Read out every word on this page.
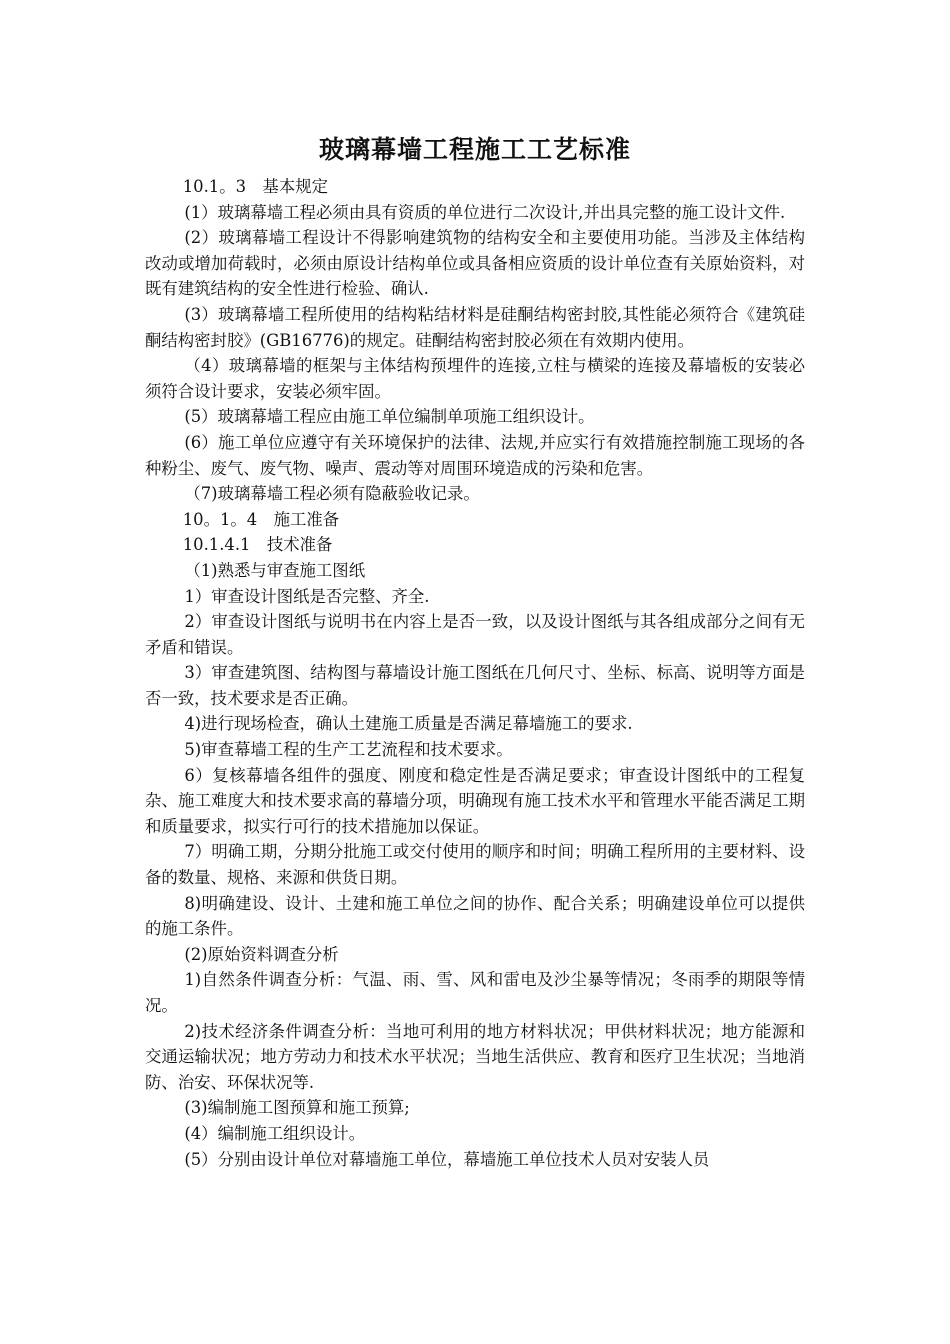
玻璃幕墙工程施工工艺标准

10.1。3　基本规定

(1）玻璃幕墙工程必须由具有资质的单位进行二次设计,并出具完整的施工设计文件.

(2）玻璃幕墙工程设计不得影响建筑物的结构安全和主要使用功能。当涉及主体结构改动或增加荷载时，必须由原设计结构单位或具备相应资质的设计单位查有关原始资料，对既有建筑结构的安全性进行检验、确认.

(3）玻璃幕墙工程所使用的结构粘结材料是硅酮结构密封胶,其性能必须符合《建筑硅酮结构密封胶》(GB16776)的规定。硅酮结构密封胶必须在有效期内使用。

（4）玻璃幕墙的框架与主体结构预埋件的连接,立柱与横梁的连接及幕墙板的安装必须符合设计要求，安装必须牢固。

(5）玻璃幕墙工程应由施工单位编制单项施工组织设计。

(6）施工单位应遵守有关环境保护的法律、法规,并应实行有效措施控制施工现场的各种粉尘、废气、废气物、噪声、震动等对周围环境造成的污染和危害。

（7)玻璃幕墙工程必须有隐蔽验收记录。

10。1。4　施工准备

10.1.4.1　技术准备

（1)熟悉与审查施工图纸

1）审查设计图纸是否完整、齐全.

2）审查设计图纸与说明书在内容上是否一致，以及设计图纸与其各组成部分之间有无矛盾和错误。

3）审查建筑图、结构图与幕墙设计施工图纸在几何尺寸、坐标、标高、说明等方面是否一致，技术要求是否正确。

4)进行现场检查，确认土建施工质量是否满足幕墙施工的要求.

5)审查幕墙工程的生产工艺流程和技术要求。

6）复核幕墙各组件的强度、刚度和稳定性是否满足要求；审查设计图纸中的工程复杂、施工难度大和技术要求高的幕墙分项，明确现有施工技术水平和管理水平能否满足工期和质量要求，拟实行可行的技术措施加以保证。

7）明确工期，分期分批施工或交付使用的顺序和时间；明确工程所用的主要材料、设备的数量、规格、来源和供货日期。

8)明确建设、设计、土建和施工单位之间的协作、配合关系；明确建设单位可以提供的施工条件。

(2)原始资料调查分析

1)自然条件调查分析：气温、雨、雪、风和雷电及沙尘暴等情况；冬雨季的期限等情况。

2)技术经济条件调查分析：当地可利用的地方材料状况；甲供材料状况；地方能源和交通运输状况；地方劳动力和技术水平状况；当地生活供应、教育和医疗卫生状况；当地消防、治安、环保状况等.

(3)编制施工图预算和施工预算;

(4）编制施工组织设计。

(5）分别由设计单位对幕墙施工单位，幕墙施工单位技术人员对安装人员
